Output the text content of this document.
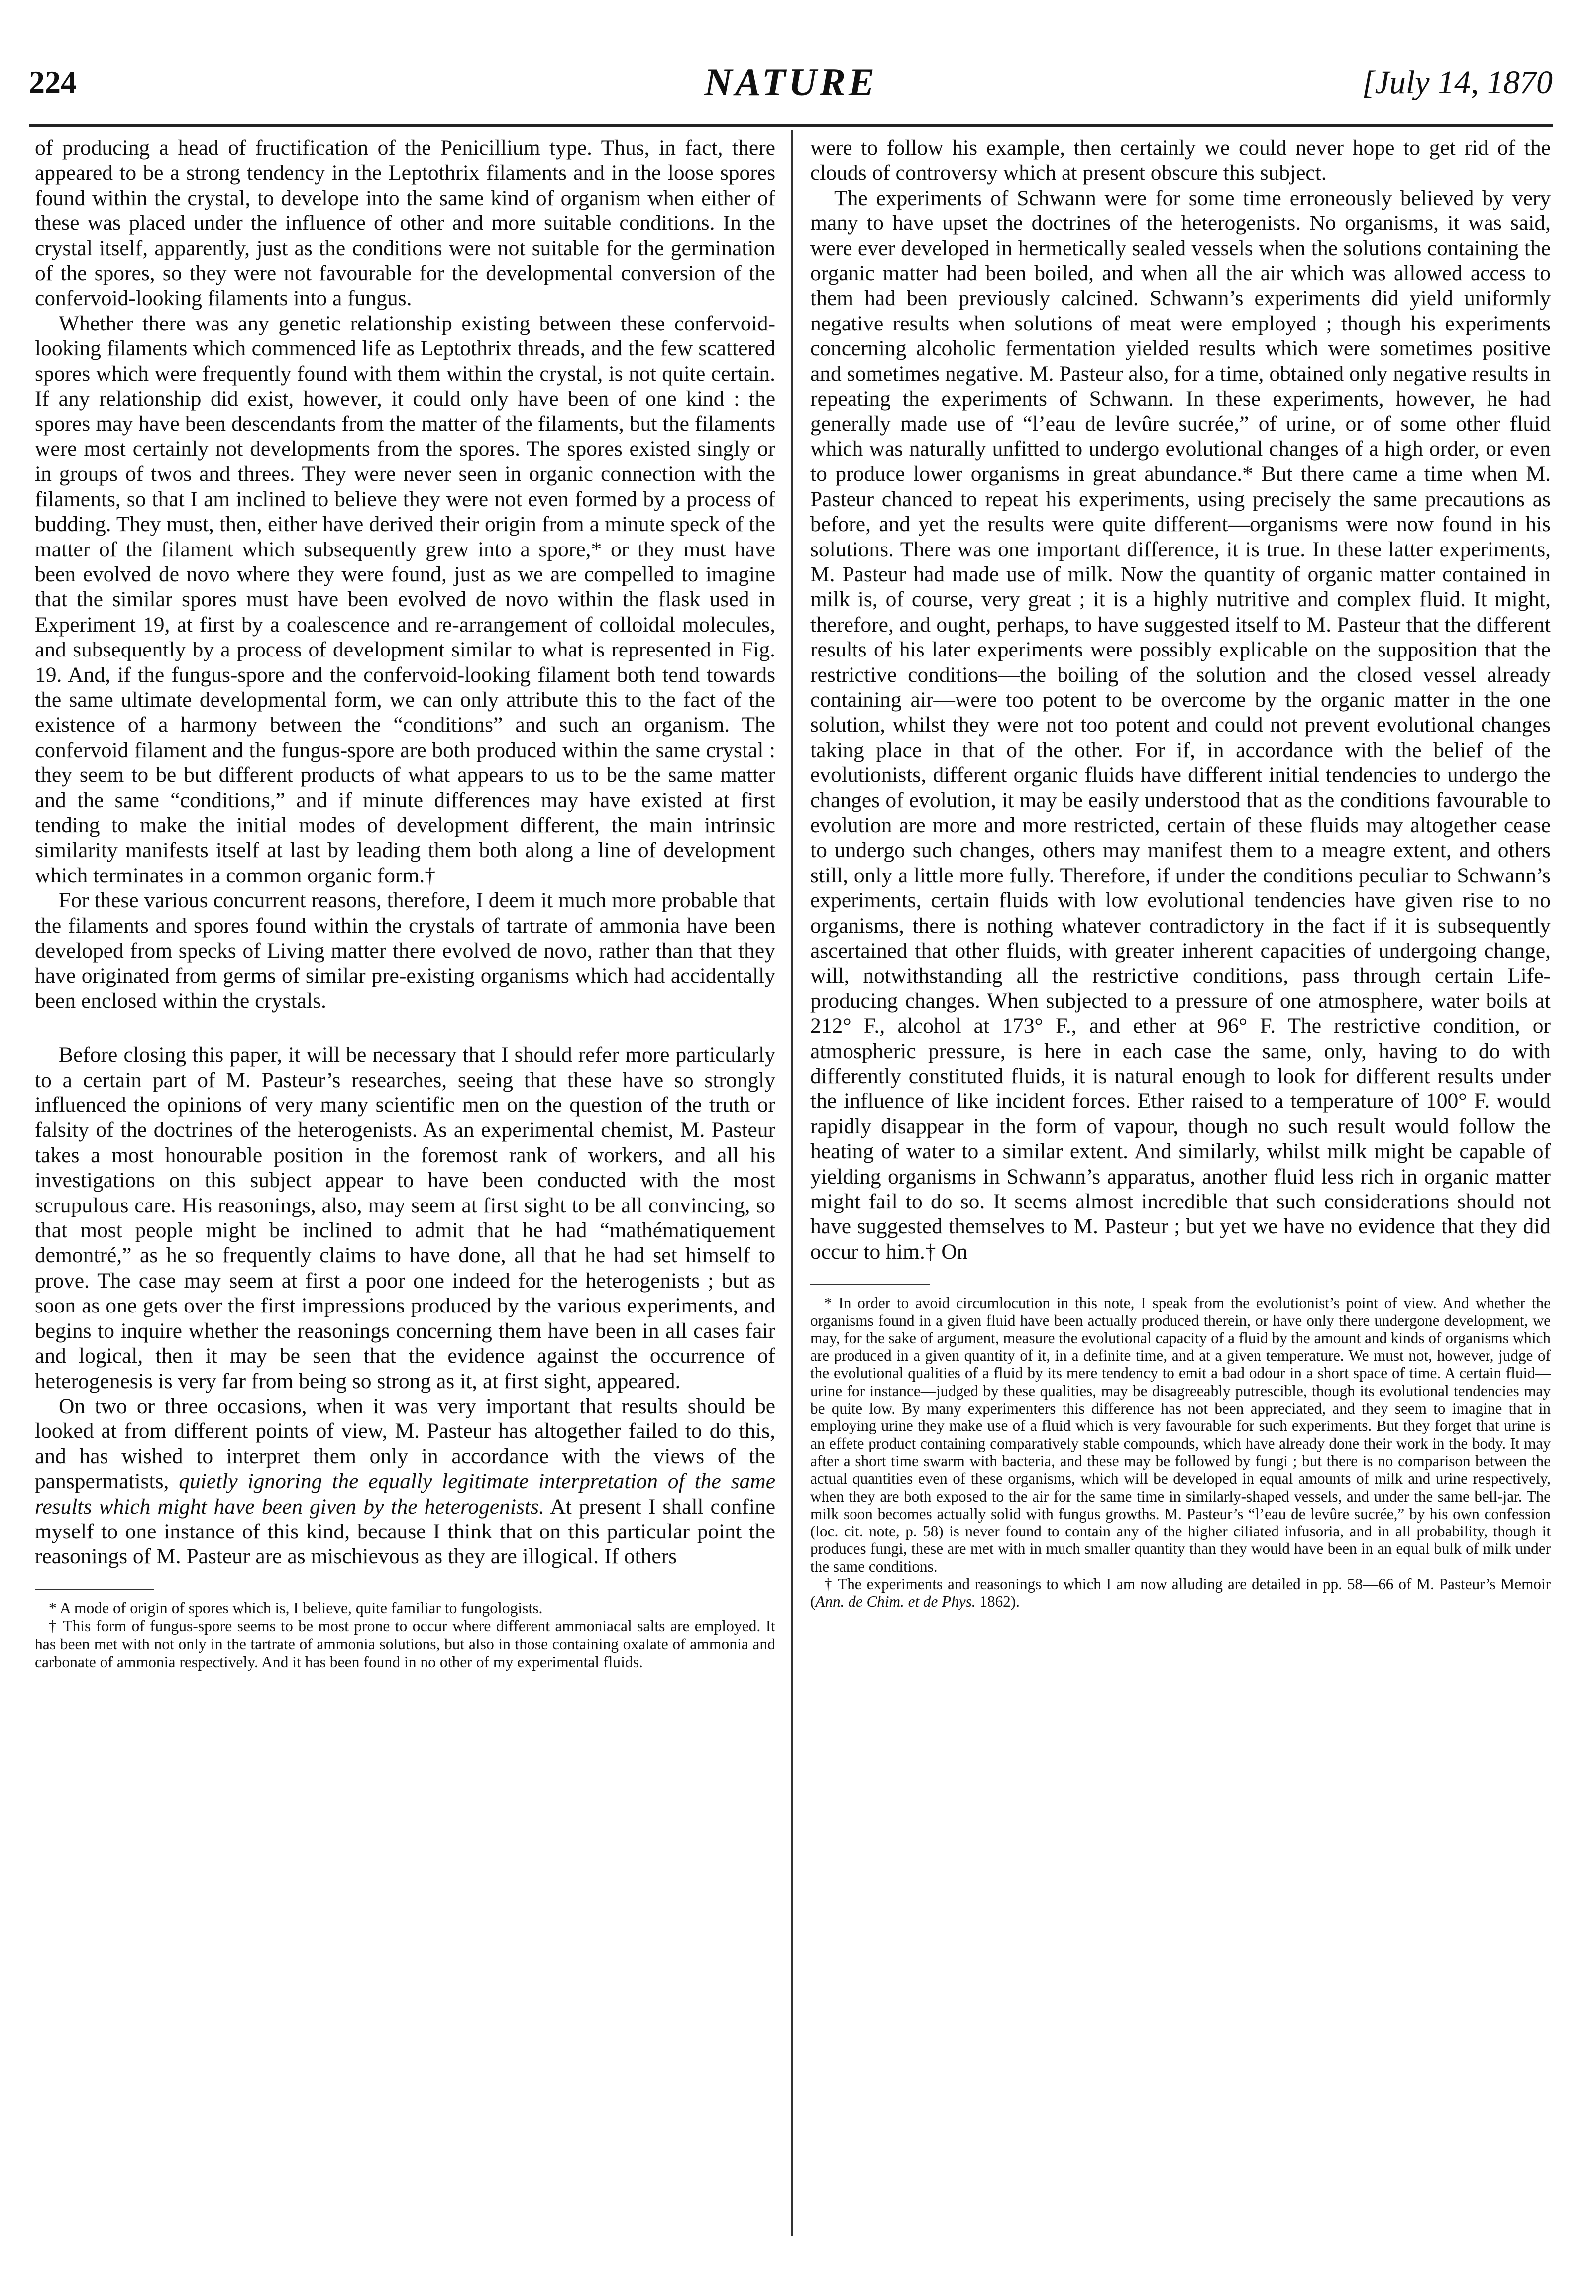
224	NATURE	[July 14, 1870

of producing a head of fructification of the Penicillium type. Thus, in fact, there appeared to be a strong tendency in the Leptothrix filaments and in the loose spores found within the crystal, to develope into the same kind of organism when either of these was placed under the influence of other and more suitable conditions. In the crystal itself, apparently, just as the conditions were not suitable for the germination of the spores, so they were not favourable for the developmental conversion of the confervoid-looking filaments into a fungus.

Whether there was any genetic relationship existing between these confervoid-looking filaments which commenced life as Leptothrix threads, and the few scattered spores which were frequently found with them within the crystal, is not quite certain. If any relationship did exist, however, it could only have been of one kind : the spores may have been descendants from the matter of the filaments, but the filaments were most certainly not developments from the spores. The spores existed singly or in groups of twos and threes. They were never seen in organic connection with the filaments, so that I am inclined to believe they were not even formed by a process of budding. They must, then, either have derived their origin from a minute speck of the matter of the filament which subsequently grew into a spore,* or they must have been evolved de novo where they were found, just as we are compelled to imagine that the similar spores must have been evolved de novo within the flask used in Experiment 19, at first by a coalescence and re-arrangement of colloidal molecules, and subsequently by a process of development similar to what is represented in Fig. 19. And, if the fungus-spore and the confervoid-looking filament both tend towards the same ultimate developmental form, we can only attribute this to the fact of the existence of a harmony between the “conditions” and such an organism. The confervoid filament and the fungus-spore are both produced within the same crystal : they seem to be but different products of what appears to us to be the same matter and the same “conditions,” and if minute differences may have existed at first tending to make the initial modes of development different, the main intrinsic similarity manifests itself at last by leading them both along a line of development which terminates in a common organic form.†

For these various concurrent reasons, therefore, I deem it much more probable that the filaments and spores found within the crystals of tartrate of ammonia have been developed from specks of Living matter there evolved de novo, rather than that they have originated from germs of similar pre-existing organisms which had accidentally been enclosed within the crystals.

Before closing this paper, it will be necessary that I should refer more particularly to a certain part of M. Pasteur’s researches, seeing that these have so strongly influenced the opinions of very many scientific men on the question of the truth or falsity of the doctrines of the heterogenists. As an experimental chemist, M. Pasteur takes a most honourable position in the foremost rank of workers, and all his investigations on this subject appear to have been conducted with the most scrupulous care. His reasonings, also, may seem at first sight to be all convincing, so that most people might be inclined to admit that he had “mathématiquement demontré,” as he so frequently claims to have done, all that he had set himself to prove. The case may seem at first a poor one indeed for the heterogenists ; but as soon as one gets over the first impressions produced by the various experiments, and begins to inquire whether the reasonings concerning them have been in all cases fair and logical, then it may be seen that the evidence against the occurrence of heterogenesis is very far from being so strong as it, at first sight, appeared.

On two or three occasions, when it was very important that results should be looked at from different points of view, M. Pasteur has altogether failed to do this, and has wished to interpret them only in accordance with the views of the panspermatists, quietly ignoring the equally legitimate interpretation of the same results which might have been given by the heterogenists. At present I shall confine myself to one instance of this kind, because I think that on this particular point the reasonings of M. Pasteur are as mischievous as they are illogical. If others

* A mode of origin of spores which is, I believe, quite familiar to fungologists.

† This form of fungus-spore seems to be most prone to occur where different ammoniacal salts are employed. It has been met with not only in the tartrate of ammonia solutions, but also in those containing oxalate of ammonia and carbonate of ammonia respectively. And it has been found in no other of my experimental fluids.

were to follow his example, then certainly we could never hope to get rid of the clouds of controversy which at present obscure this subject.

The experiments of Schwann were for some time erroneously believed by very many to have upset the doctrines of the heterogenists. No organisms, it was said, were ever developed in hermetically sealed vessels when the solutions containing the organic matter had been boiled, and when all the air which was allowed access to them had been previously calcined. Schwann’s experiments did yield uniformly negative results when solutions of meat were employed ; though his experiments concerning alcoholic fermentation yielded results which were sometimes positive and sometimes negative. M. Pasteur also, for a time, obtained only negative results in repeating the experiments of Schwann. In these experiments, however, he had generally made use of “l’eau de levûre sucrée,” of urine, or of some other fluid which was naturally unfitted to undergo evolutional changes of a high order, or even to produce lower organisms in great abundance.* But there came a time when M. Pasteur chanced to repeat his experiments, using precisely the same precautions as before, and yet the results were quite different—organisms were now found in his solutions. There was one important difference, it is true. In these latter experiments, M. Pasteur had made use of milk. Now the quantity of organic matter contained in milk is, of course, very great ; it is a highly nutritive and complex fluid. It might, therefore, and ought, perhaps, to have suggested itself to M. Pasteur that the different results of his later experiments were possibly explicable on the supposition that the restrictive conditions—the boiling of the solution and the closed vessel already containing air—were too potent to be overcome by the organic matter in the one solution, whilst they were not too potent and could not prevent evolutional changes taking place in that of the other. For if, in accordance with the belief of the evolutionists, different organic fluids have different initial tendencies to undergo the changes of evolution, it may be easily understood that as the conditions favourable to evolution are more and more restricted, certain of these fluids may altogether cease to undergo such changes, others may manifest them to a meagre extent, and others still, only a little more fully. Therefore, if under the conditions peculiar to Schwann’s experiments, certain fluids with low evolutional tendencies have given rise to no organisms, there is nothing whatever contradictory in the fact if it is subsequently ascertained that other fluids, with greater inherent capacities of undergoing change, will, notwithstanding all the restrictive conditions, pass through certain Life-producing changes. When subjected to a pressure of one atmosphere, water boils at 212° F., alcohol at 173° F., and ether at 96° F. The restrictive condition, or atmospheric pressure, is here in each case the same, only, having to do with differently constituted fluids, it is natural enough to look for different results under the influence of like incident forces. Ether raised to a temperature of 100° F. would rapidly disappear in the form of vapour, though no such result would follow the heating of water to a similar extent. And similarly, whilst milk might be capable of yielding organisms in Schwann’s apparatus, another fluid less rich in organic matter might fail to do so. It seems almost incredible that such considerations should not have suggested themselves to M. Pasteur ; but yet we have no evidence that they did occur to him.† On

* In order to avoid circumlocution in this note, I speak from the evolutionist’s point of view. And whether the organisms found in a given fluid have been actually produced therein, or have only there undergone development, we may, for the sake of argument, measure the evolutional capacity of a fluid by the amount and kinds of organisms which are produced in a given quantity of it, in a definite time, and at a given temperature. We must not, however, judge of the evolutional qualities of a fluid by its mere tendency to emit a bad odour in a short space of time. A certain fluid—urine for instance—judged by these qualities, may be disagreeably putrescible, though its evolutional tendencies may be quite low. By many experimenters this difference has not been appreciated, and they seem to imagine that in employing urine they make use of a fluid which is very favourable for such experiments. But they forget that urine is an effete product containing comparatively stable compounds, which have already done their work in the body. It may after a short time swarm with bacteria, and these may be followed by fungi ; but there is no comparison between the actual quantities even of these organisms, which will be developed in equal amounts of milk and urine respectively, when they are both exposed to the air for the same time in similarly-shaped vessels, and under the same bell-jar. The milk soon becomes actually solid with fungus growths. M. Pasteur’s “l’eau de levûre sucrée,” by his own confession (loc. cit. note, p. 58) is never found to contain any of the higher ciliated infusoria, and in all probability, though it produces fungi, these are met with in much smaller quantity than they would have been in an equal bulk of milk under the same conditions.

† The experiments and reasonings to which I am now alluding are detailed in pp. 58—66 of M. Pasteur’s Memoir (Ann. de Chim. et de Phys. 1862).
